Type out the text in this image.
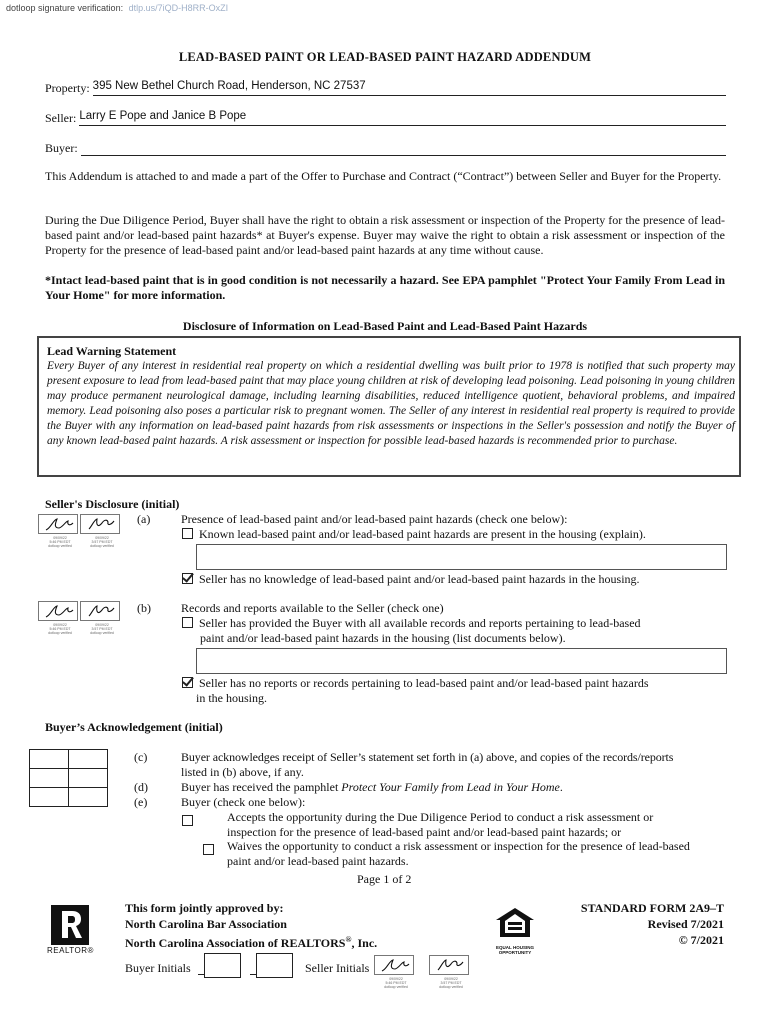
dotloop signature verification: dtlp.us/7iQD-H8RR-OxZI
LEAD-BASED PAINT OR LEAD-BASED PAINT HAZARD ADDENDUM
Property: 395 New Bethel Church Road, Henderson, NC 27537
Seller: Larry E Pope and Janice B Pope
Buyer:
This Addendum is attached to and made a part of the Offer to Purchase and Contract (“Contract”) between Seller and Buyer for the Property.
During the Due Diligence Period, Buyer shall have the right to obtain a risk assessment or inspection of the Property for the presence of lead-based paint and/or lead-based paint hazards* at Buyer's expense. Buyer may waive the right to obtain a risk assessment or inspection of the Property for the presence of lead-based paint and/or lead-based paint hazards at any time without cause.
*Intact lead-based paint that is in good condition is not necessarily a hazard. See EPA pamphlet "Protect Your Family From Lead in Your Home" for more information.
Disclosure of Information on Lead-Based Paint and Lead-Based Paint Hazards
Lead Warning Statement
Every Buyer of any interest in residential real property on which a residential dwelling was built prior to 1978 is notified that such property may present exposure to lead from lead-based paint that may place young children at risk of developing lead poisoning. Lead poisoning in young children may produce permanent neurological damage, including learning disabilities, reduced intelligence quotient, behavioral problems, and impaired memory. Lead poisoning also poses a particular risk to pregnant women. The Seller of any interest in residential real property is required to provide the Buyer with any information on lead-based paint hazards from risk assessments or inspections in the Seller's possession and notify the Buyer of any known lead-based paint hazards. A risk assessment or inspection for possible lead-based hazards is recommended prior to purchase.
Seller's Disclosure (initial)
09/09/22
5:46 PM EDT
dotloop verified
09/09/22
3:57 PM EDT
dotloop verified
(a)	Presence of lead-based paint and/or lead-based paint hazards (check one below):
Known lead-based paint and/or lead-based paint hazards are present in the housing (explain).
Seller has no knowledge of lead-based paint and/or lead-based paint hazards in the housing.
09/09/22
5:46 PM EDT
dotloop verified
09/09/22
3:57 PM EDT
dotloop verified
(b)	Records and reports available to the Seller (check one)
Seller has provided the Buyer with all available records and reports pertaining to lead-based
paint and/or lead-based paint hazards in the housing (list documents below).
Seller has no reports or records pertaining to lead-based paint and/or lead-based paint hazards
in the housing.
Buyer’s Acknowledgement (initial)

(c)	Buyer acknowledges receipt of Seller’s statement set forth in (a) above, and copies of the records/reports
listed in (b) above, if any.
(d)	Buyer has received the pamphlet Protect Your Family from Lead in Your Home.
(e)	Buyer (check one below):

Accepts the opportunity during the Due Diligence Period to conduct a risk assessment or
inspection for the presence of lead-based paint and/or lead-based paint hazards; or
Waives the opportunity to conduct a risk assessment or inspection for the presence of lead-based
paint and/or lead-based paint hazards.
Page 1 of 2
REALTOR®
This form jointly approved by:
North Carolina Bar Association
North Carolina Association of REALTORS®, Inc.	EQUAL HOUSING
OPPORTUNITY
STANDARD FORM 2A9–T
Revised 7/2021
© 7/2021
Buyer Initials	Seller Initials
09/09/22
5:46 PM EDT
dotloop verified
09/09/22
3:57 PM EDT
dotloop verified
